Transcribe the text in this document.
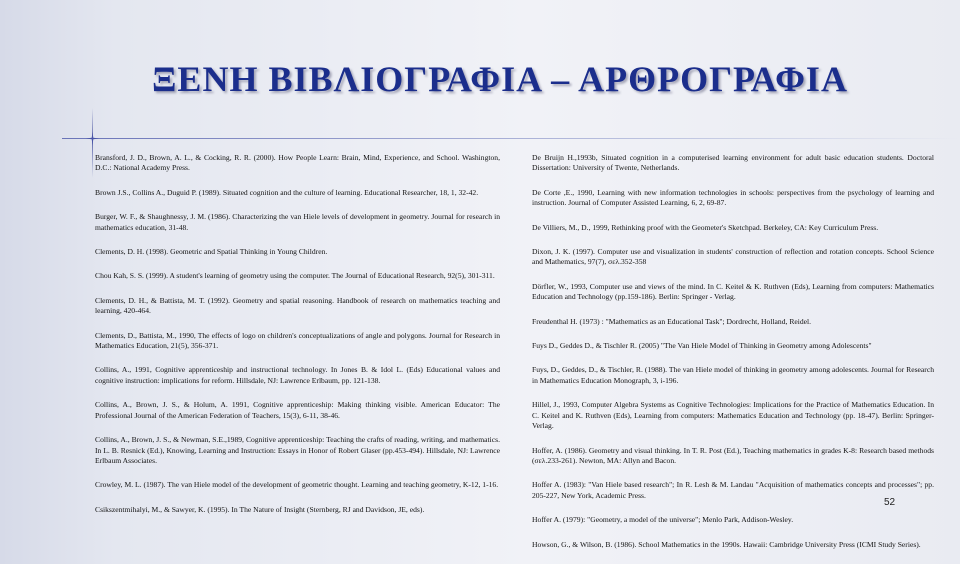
ΞΕΝΗ ΒΙΒΛΙΟΓΡΑΦΙΑ – ΑΡΘΡΟΓΡΑΦΙΑ

Bransford, J. D., Brown, A. L., & Cocking, R. R. (2000). How People Learn: Brain, Mind, Experience, and School. Washington, D.C.: National Academy Press.

Brown J.S., Collins A., Duguid P. (1989). Situated cognition and the culture of learning. Educational Researcher, 18, 1, 32-42.

Burger, W. F., & Shaughnessy, J. M. (1986). Characterizing the van Hiele levels of development in geometry. Journal for research in mathematics education, 31-48.

Clements, D. H. (1998). Geometric and Spatial Thinking in Young Children.

Chou Kah, S. S. (1999). A student's learning of geometry using the computer. The Journal of Educational Research, 92(5), 301-311.

Clements, D. H., & Battista, M. T. (1992). Geometry and spatial reasoning. Handbook of research on mathematics teaching and learning, 420-464.

Clements, D., Battista, M., 1990, The effects of logo on children's conceptualizations of angle and polygons. Journal for Research in Mathematics Education, 21(5), 356-371.

Collins, A., 1991, Cognitive apprenticeship and instructional technology. In Jones B. & Idol L. (Eds) Educational values and cognitive instruction: implications for reform. Hillsdale, NJ: Lawrence Erlbaum, pp. 121-138.

Collins, A., Brown, J. S., & Holum, A. 1991, Cognitive apprenticeship: Making thinking visible. American Educator: The Professional Journal of the American Federation of Teachers, 15(3), 6-11, 38-46.

Collins, A., Brown, J. S., & Newman, S.E.,1989, Cognitive apprenticeship: Teaching the crafts of reading, writing, and mathematics. In L. B. Resnick (Ed.), Knowing, Learning and Instruction: Essays in Honor of Robert Glaser (pp.453-494). Hillsdale, NJ: Lawrence Erlbaum Associates.

Crowley, M. L. (1987). The van Hiele model of the development of geometric thought. Learning and teaching geometry, K-12, 1-16.

Csikszentmihalyi, M., & Sawyer, K. (1995). In The Nature of Insight (Sternberg, RJ and Davidson, JE, eds).

De Bruijn H.,1993b, Situated cognition in a computerised learning environment for adult basic education students. Doctoral Dissertation: University of Twente, Netherlands.

De Corte ,E., 1990, Learning with new information technologies in schools: perspectives from the psychology of learning and instruction. Journal of Computer Assisted Learning, 6, 2, 69-87.

De Villiers, M., D., 1999, Rethinking proof with the Geometer's Sketchpad. Berkeley, CA: Key Curriculum Press.

Dixon, J. K. (1997). Computer use and visualization in students' construction of reflection and rotation concepts. School Science and Mathematics, 97(7), σελ.352-358

Dörfler, W., 1993, Computer use and views of the mind. In C. Keitel & K. Ruthven (Eds), Learning from computers: Mathematics Education and Technology (pp.159-186). Berlin: Springer - Verlag.

Freudenthal H. (1973) : "Mathematics as an Educational Task"; Dordrecht, Holland, Reidel.

Fuys D., Geddes D., & Tischler R. (2005) "The Van Hiele Model of Thinking in Geometry among Adolescents"

Fuys, D., Geddes, D., & Tischler, R. (1988). The van Hiele model of thinking in geometry among adolescents. Journal for Research in Mathematics Education Monograph, 3, i-196.

Hillel, J., 1993, Computer Algebra Systems as Cognitive Technologies: Implications for the Practice of Mathematics Education. In C. Keitel and K. Ruthven (Eds), Learning from computers: Mathematics Education and Technology (pp. 18-47). Berlin: Springer-Verlag.

Hoffer, A. (1986). Geometry and visual thinking. In T. R. Post (Ed.), Teaching mathematics in grades K-8: Research based methods (σελ.233-261). Newton, MA: Allyn and Bacon.

Hoffer A. (1983): "Van Hiele based research"; In R. Lesh & M. Landau "Acquisition of mathematics concepts and processes"; pp. 205-227, New York, Academic Press.

Hoffer A. (1979): "Geometry, a model of the universe"; Menlo Park, Addison-Wesley.

Howson, G., & Wilson, B. (1986). School Mathematics in the 1990s. Hawaii: Cambridge University Press (ICMI Study Series).

52
